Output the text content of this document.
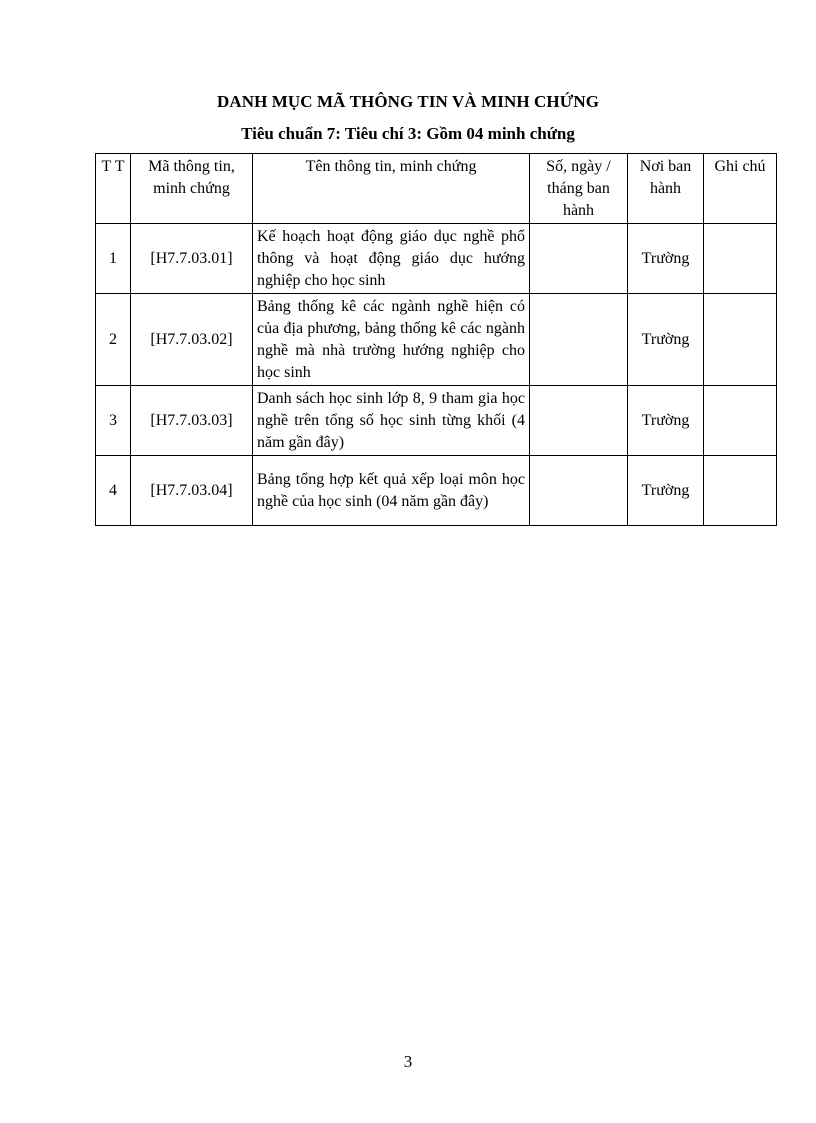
DANH MỤC MÃ THÔNG TIN VÀ MINH CHỨNG
Tiêu chuẩn 7: Tiêu chí 3: Gồm 04 minh chứng
T T	Mã thông tin, minh chứng	Tên thông tin, minh chứng	Số, ngày / tháng ban hành	Nơi ban hành	Ghi chú
1	[H7.7.03.01]	Kế hoạch hoạt động giáo dục nghề phổ thông và hoạt động giáo dục hướng nghiệp cho học sinh		Trường	
2	[H7.7.03.02]	Bảng thống kê các ngành nghề hiện có của địa phương, bảng thống kê các ngành nghề mà nhà trường hướng nghiệp cho học sinh		Trường	
3	[H7.7.03.03]	Danh sách học sinh lớp 8, 9 tham gia học nghề trên tổng số học sinh từng khối (4 năm gần đây)		Trường	
4	[H7.7.03.04]	Bảng tổng hợp kết quả xếp loại môn học nghề của học sinh (04 năm gần đây)		Trường	
3
